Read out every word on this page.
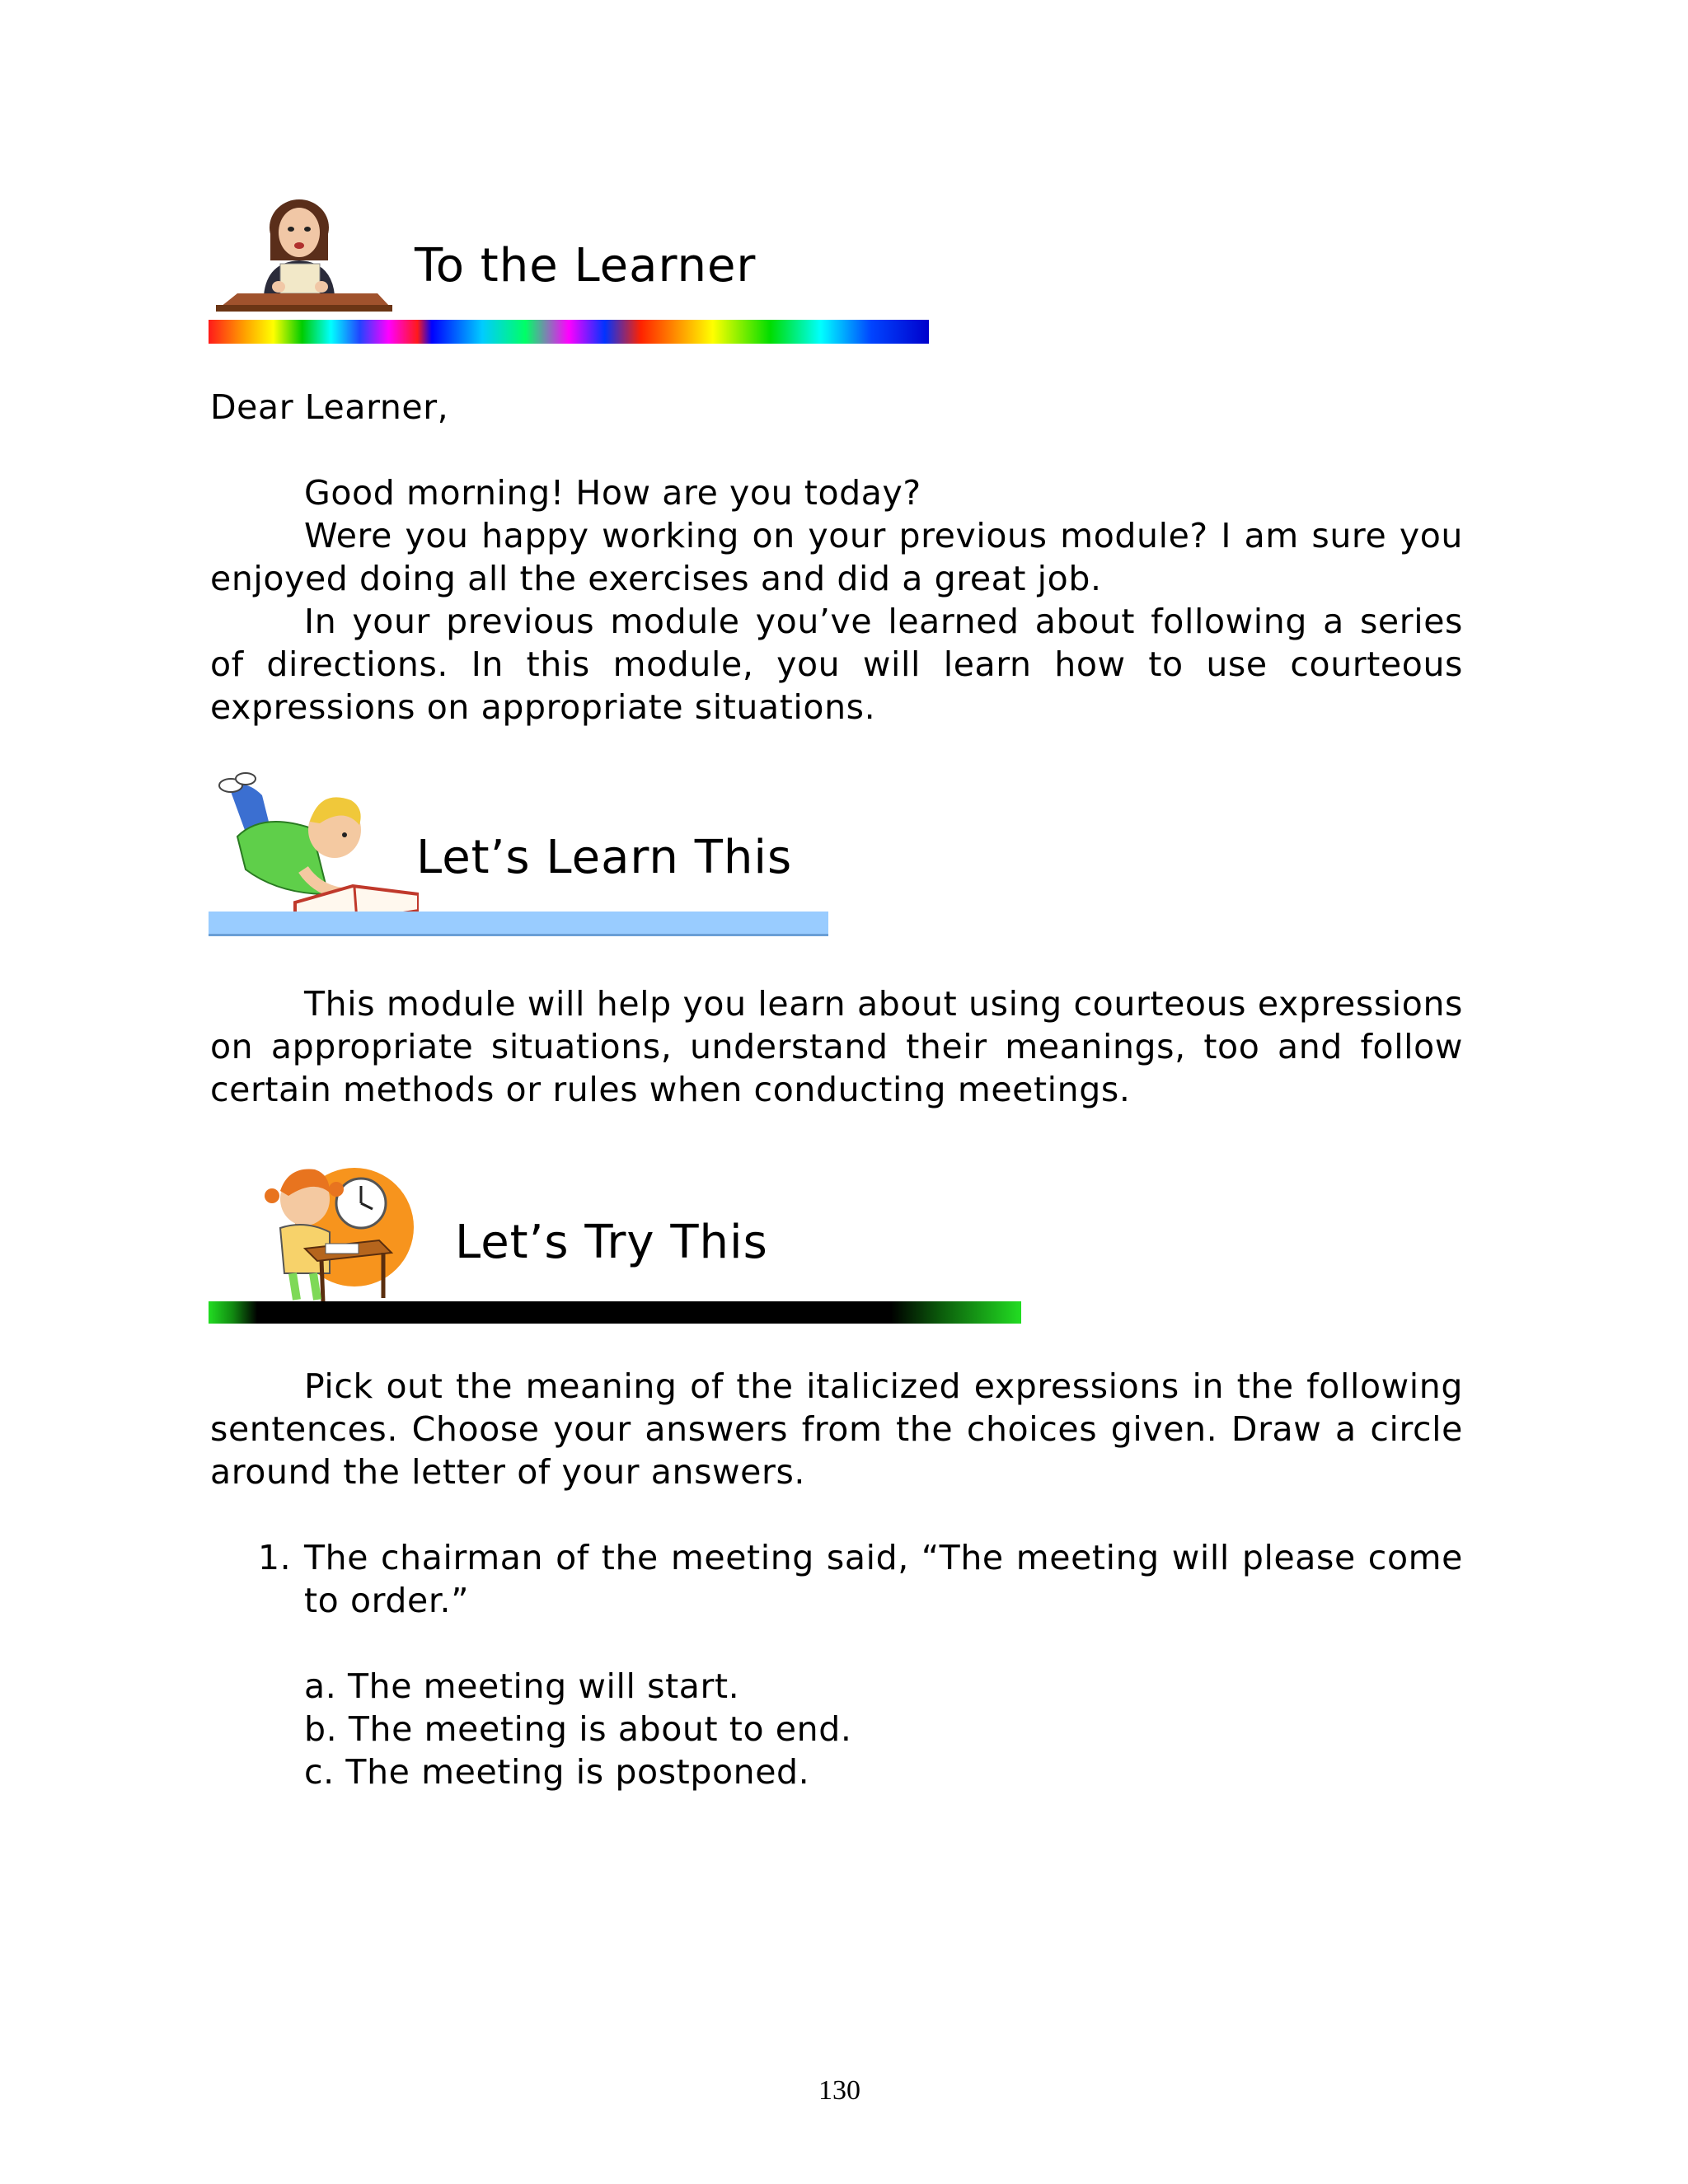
To the Learner

Dear Learner,

Good morning! How are you today?

Were you happy working on your previous module? I am sure you enjoyed doing all the exercises and did a great job.

In your previous module you’ve learned about following a series of directions. In this module, you will learn how to use courteous expressions on appropriate situations.

Let’s Learn This

This module will help you learn about using courteous expressions on appropriate situations, understand their meanings, too and follow certain methods or rules when conducting meetings.

Let’s Try This

Pick out the meaning of the italicized expressions in the following sentences. Choose your answers from the choices given. Draw a circle around the letter of your answers.

1. The chairman of the meeting said, “The meeting will please come to order.”

a. The meeting will start.
b. The meeting is about to end.
c. The meeting is postponed.
130
